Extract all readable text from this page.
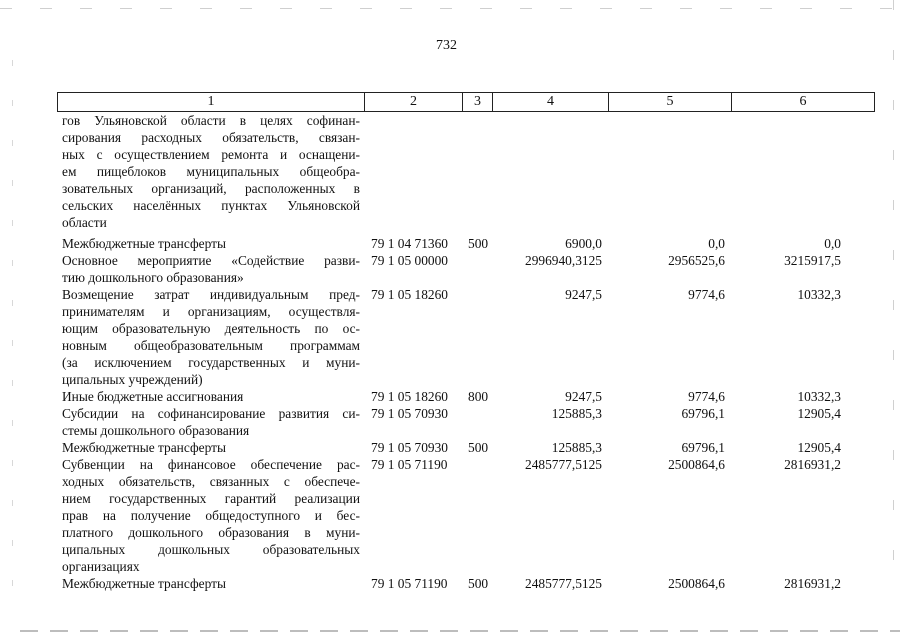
732
1	2	3	4	5	6
гов Ульяновской области в целях софинан-
сирования расходных обязательств, связан-
ных с осуществлением ремонта и оснащени-
ем пищеблоков муниципальных общеобра-
зовательных организаций, расположенных в
сельских населённых пунктах Ульяновской
области
Межбюджетные трансферты	79 1 04 71360 500	6900,0	0,0	0,0
Основное мероприятие «Содействие разви-
тию дошкольного образования»
79 1 05 00000	2996940,3125	2956525,6	3215917,5
Возмещение затрат индивидуальным пред-
принимателям и организациям, осуществля-
ющим образовательную деятельность по ос-
новным общеобразовательным программам
(за исключением государственных и муни-
ципальных учреждений)
79 1 05 18260	9247,5	9774,6	10332,3
Иные бюджетные ассигнования	79 1 05 18260 800	9247,5	9774,6	10332,3
Субсидии на софинансирование развития си-
стемы дошкольного образования
79 1 05 70930	125885,3	69796,1	12905,4
Межбюджетные трансферты	79 1 05 70930 500	125885,3	69796,1	12905,4
Субвенции на финансовое обеспечение рас-
ходных обязательств, связанных с обеспече-
нием государственных гарантий реализации
прав на получение общедоступного и бес-
платного дошкольного образования в муни-
ципальных дошкольных образовательных
организациях
79 1 05 71190	2485777,5125	2500864,6	2816931,2
Межбюджетные трансферты	79 1 05 71190 500	2485777,5125	2500864,6	2816931,2
